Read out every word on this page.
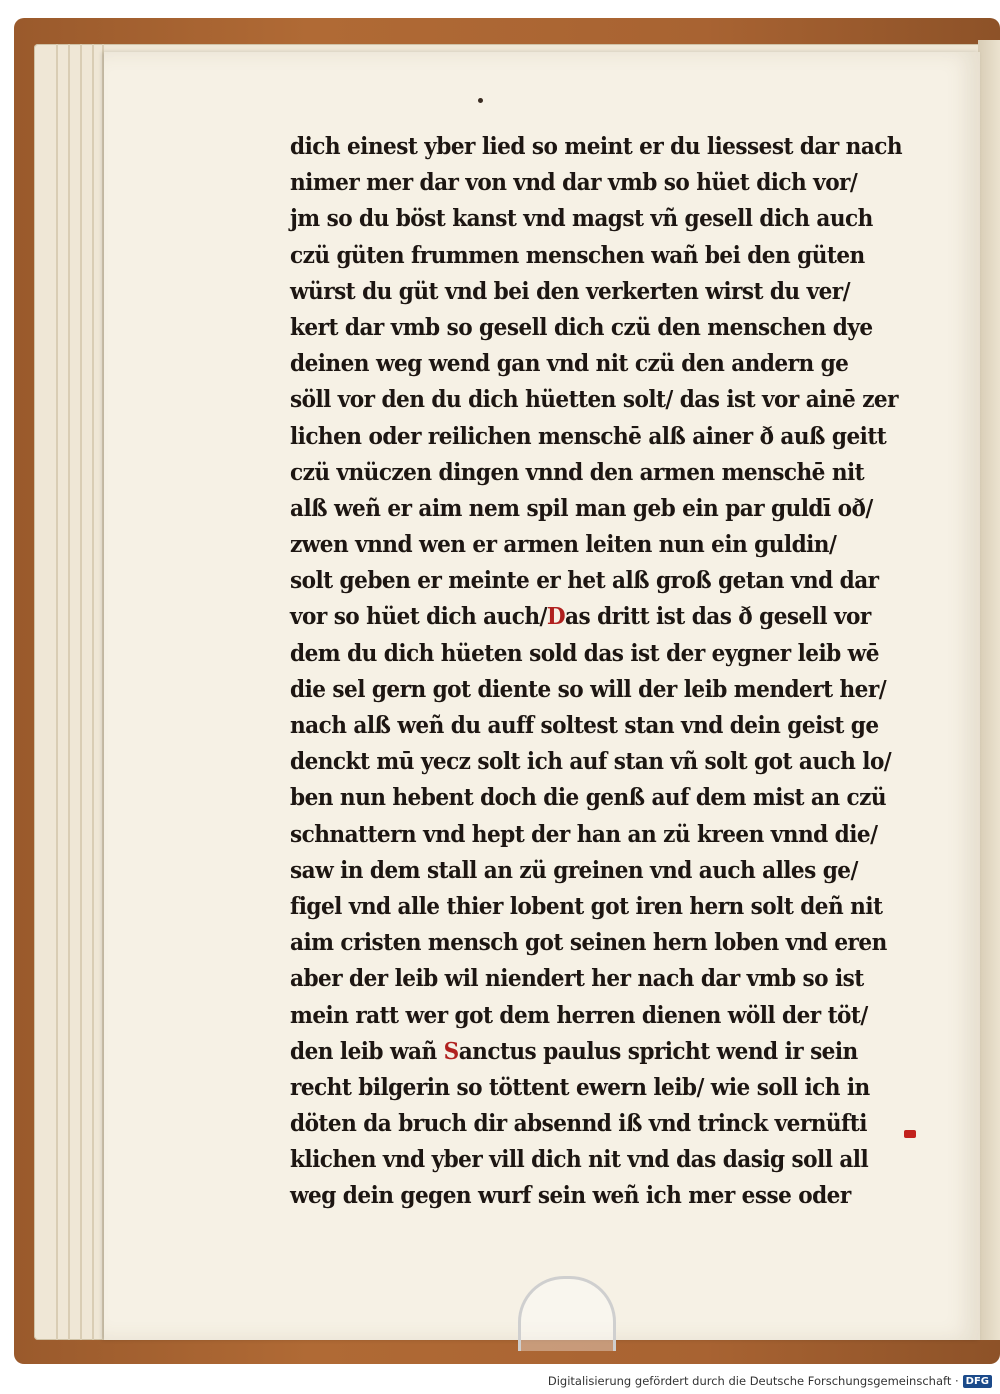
dich einest yber lied so meint er du liessest dar nach
nimer mer dar von vnd dar vmb so hüet dich vor/
jm so du böst kanst vnd magst vñ gesell dich auch
czü güten frummen menschen wañ bei den güten
würst du güt vnd bei den verkerten wirst du ver/
kert dar vmb so gesell dich czü den menschen dye
deinen weg wend gan vnd nit czü den andern ge
söll vor den du dich hüetten solt/ das ist vor ainē zer
lichen oder reilichen menschē alß ainer ð auß geitt
czü vnüczen dingen vnnd den armen menschē nit
alß weñ er aim nem spil man geb ein par guldī oð/
zwen vnnd wen er armen leiten nun ein guldin/
solt geben er meinte er het alß groß getan vnd dar
vor so hüet dich auch/Das dritt ist das ð gesell vor
dem du dich hüeten sold das ist der eygner leib wē
die sel gern got diente so will der leib mendert her/
nach alß weñ du auff soltest stan vnd dein geist ge
denckt mū yecz solt ich auf stan vñ solt got auch lo/
ben nun hebent doch die genß auf dem mist an czü
schnattern vnd hept der han an zü kreen vnnd die/
saw in dem stall an zü greinen vnd auch alles ge/
figel vnd alle thier lobent got iren hern solt deñ nit
aim cristen mensch got seinen hern loben vnd eren
aber der leib wil niendert her nach dar vmb so ist
mein ratt wer got dem herren dienen wöll der töt/
den leib wañ Sanctus paulus spricht wend ir sein
recht bilgerin so töttent ewern leib/ wie soll ich in
döten da bruch dir absennd iß vnd trinck vernüfti
klichen vnd yber vill dich nit vnd das dasig soll all
weg dein gegen wurf sein weñ ich mer esse oder
Digitalisierung gefördert durch die Deutsche Forschungsgemeinschaft · DFG
